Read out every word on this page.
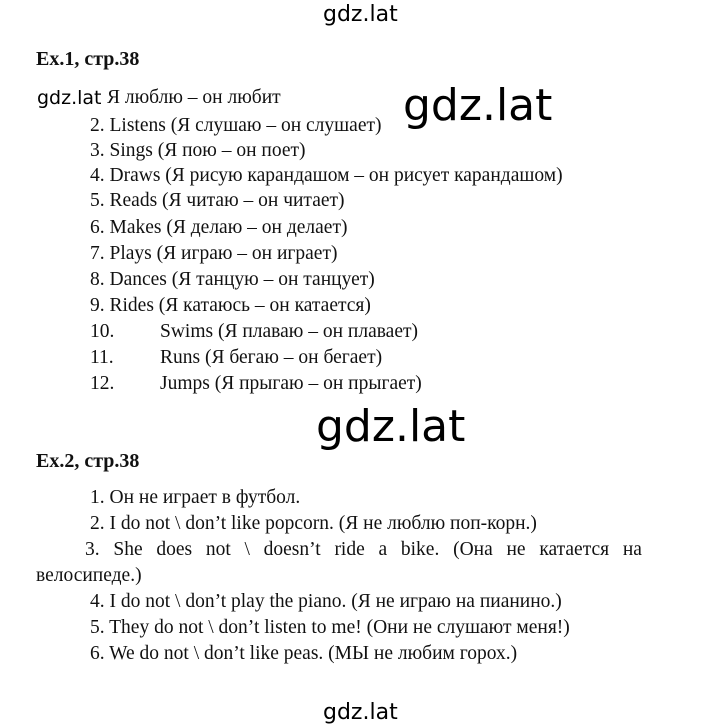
gdz.lat
gdz.lat	gdz.lat
gdz.lat
gdz.lat
Ex.1, стр.38
Я люблю – он любит
2. Listens (Я слушаю – он слушает)
3. Sings (Я пою – он поет)
4. Draws (Я рисую карандашом – он рисует карандашом)
5. Reads (Я читаю – он читает)
6. Makes (Я делаю – он делает)
7. Plays (Я играю – он играет)
8. Dances (Я танцую – он танцует)
9. Rides (Я катаюсь – он катается)
10. Swims (Я плаваю – он плавает)
11. Runs (Я бегаю – он бегает)
12. Jumps (Я прыгаю – он прыгает)
Ex.2, стр.38
1. Он не играет в футбол.
2. I do not \ don’t like popcorn. (Я не люблю поп-корн.)
3. She does not \ doesn’t ride a bike. (Она не катается на
велосипеде.)
4. I do not \ don’t play the piano. (Я не играю на пианино.)
5. They do not \ don’t listen to me! (Они не слушают меня!)
6. We do not \ don’t like peas. (МЫ не любим горох.)
